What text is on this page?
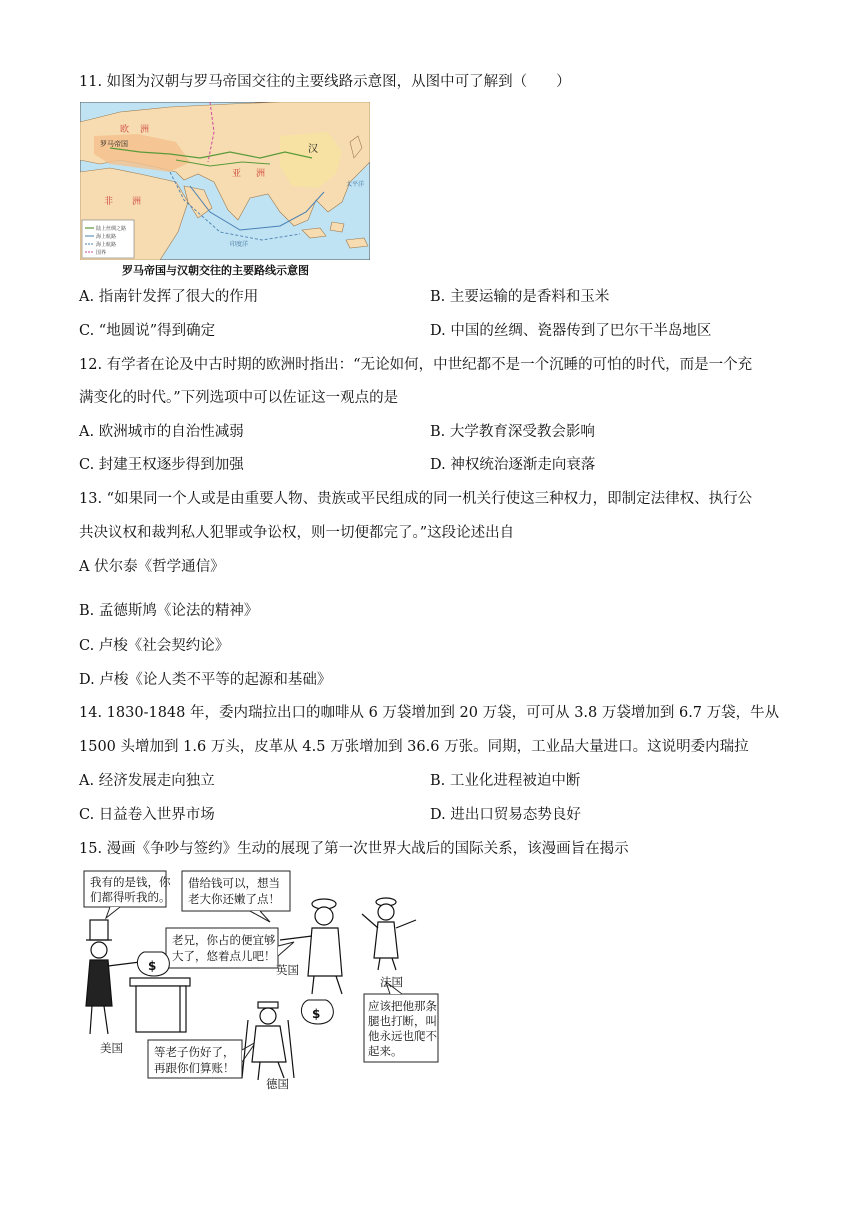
11. 如图为汉朝与罗马帝国交往的主要线路示意图，从图中可了解到（　　）
陆上丝绸之路
海上航路
海上航路
国界
欧 洲
罗马帝国
非 洲
亚 洲
汉
太平洋
印度洋
罗马帝国与汉朝交往的主要路线示意图
A. 指南针发挥了很大的作用	B. 主要运输的是香料和玉米
C. “地圆说”得到确定	D. 中国的丝绸、瓷器传到了巴尔干半岛地区
12. 有学者在论及中古时期的欧洲时指出：“无论如何，中世纪都不是一个沉睡的可怕的时代，而是一个充
满变化的时代。”下列选项中可以佐证这一观点的是
A. 欧洲城市的自治性减弱	B. 大学教育深受教会影响
C. 封建王权逐步得到加强	D. 神权统治逐渐走向衰落
13. “如果同一个人或是由重要人物、贵族或平民组成的同一机关行使这三种权力，即制定法律权、执行公
共决议权和裁判私人犯罪或争讼权，则一切便都完了。”这段论述出自
A 伏尔泰《哲学通信》
B. 孟德斯鸠《论法的精神》
C. 卢梭《社会契约论》
D. 卢梭《论人类不平等的起源和基础》
14. 1830-1848 年，委内瑞拉出口的咖啡从 6 万袋增加到 20 万袋，可可从 3.8 万袋增加到 6.7 万袋，牛从
1500 头增加到 1.6 万头，皮革从 4.5 万张增加到 36.6 万张。同期，工业品大量进口。这说明委内瑞拉
A. 经济发展走向独立	B. 工业化进程被迫中断
C. 日益卷入世界市场	D. 进出口贸易态势良好
15. 漫画《争吵与签约》生动的展现了第一次世界大战后的国际关系，该漫画旨在揭示
我有的是钱，你
们都得听我的。
借给钱可以，想当
老大你还嫩了点！
老兄，你占的便宜够
大了，悠着点儿吧！
应该把他那条
腿也打断，叫
他永远也爬不
起来。
等老子伤好了，
再跟你们算账！
$	英国
法国
$
美国
德国
